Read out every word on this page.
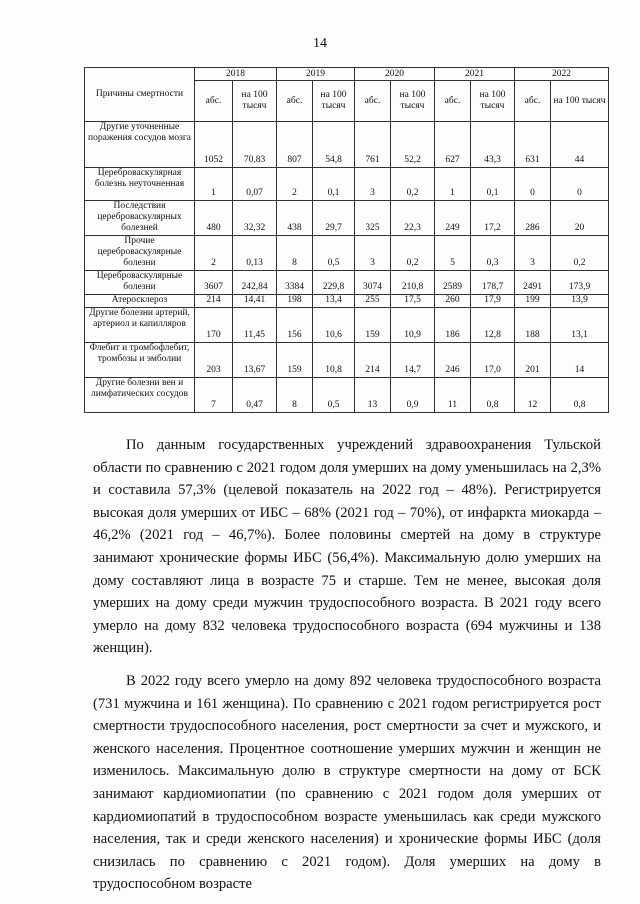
14
Причины смертности	2018		2019		2020		2021		2022	
	абс.	на 100 тысяч	абс.	на 100 тысяч	абс.	на 100 тысяч	абс.	на 100 тысяч	абс.	на 100 тысяч
Другие уточненные поражения сосудов мозга	1052	70,83	807	54,8	761	52,2	627	43,3	631	44
Цереброваскулярная болезнь неуточненная	1	0,07	2	0,1	3	0,2	1	0,1	0	0
Последствия цереброваскулярных болезней	480	32,32	438	29,7	325	22,3	249	17,2	286	20
Прочие цереброваскулярные болезни	2	0,13	8	0,5	3	0,2	5	0,3	3	0,2
Цереброваскулярные болезни	3607	242,84	3384	229,8	3074	210,8	2589	178,7	2491	173,9
Атеросклероз	214	14,41	198	13,4	255	17,5	260	17,9	199	13,9
Другие болезни артерий, артериол и капилляров	170	11,45	156	10,6	159	10,9	186	12,8	188	13,1
Флебит и тромбофлебит, тромбозы и эмболии	203	13,67	159	10,8	214	14,7	246	17,0	201	14
Другие болезни вен и лимфатических сосудов	7	0,47	8	0,5	13	0,9	11	0,8	12	0,8

По данным государственных учреждений здравоохранения Тульской области по сравнению с 2021 годом доля умерших на дому уменьшилась на 2,3% и составила 57,3% (целевой показатель на 2022 год – 48%). Регистрируется высокая доля умерших от ИБС – 68% (2021 год – 70%), от инфаркта миокарда – 46,2% (2021 год – 46,7%). Более половины смертей на дому в структуре занимают хронические формы ИБС (56,4%). Максимальную долю умерших на дому составляют лица в возрасте 75 и старше. Тем не менее, высокая доля умерших на дому среди мужчин трудоспособного возраста. В 2021 году всего умерло на дому 832 человека трудоспособного возраста (694 мужчины и 138 женщин).

В 2022 году всего умерло на дому 892 человека трудоспособного возраста (731 мужчина и 161 женщина). По сравнению с 2021 годом регистрируется рост смертности трудоспособного населения, рост смертности за счет и мужского, и женского населения. Процентное соотношение умерших мужчин и женщин не изменилось. Максимальную долю в структуре смертности на дому от БСК занимают кардиомиопатии (по сравнению с 2021 годом доля умерших от кардиомиопатий в трудоспособном возрасте уменьшилась как среди мужского населения, так и среди женского населения) и хронические формы ИБС (доля снизилась по сравнению с 2021 годом). Доля умерших на дому в трудоспособном возрасте
